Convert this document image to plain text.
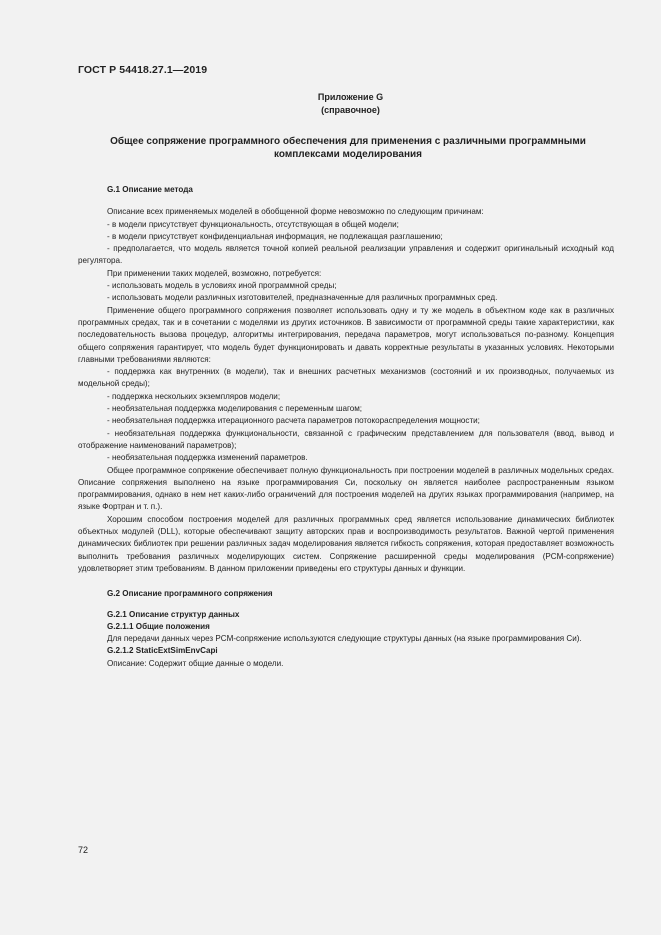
ГОСТ Р 54418.27.1—2019
Приложение G
(справочное)
Общее сопряжение программного обеспечения для применения с различными программными комплексами моделирования

G.1 Описание метода

Описание всех применяемых моделей в обобщенной форме невозможно по следующим причинам:

- в модели присутствует функциональность, отсутствующая в общей модели;

- в модели присутствует конфиденциальная информация, не подлежащая разглашению;

- предполагается, что модель является точной копией реальной реализации управления и содержит оригинальный исходный код регулятора.

При применении таких моделей, возможно, потребуется:

- использовать модель в условиях иной программной среды;

- использовать модели различных изготовителей, предназначенные для различных программных сред.

Применение общего программного сопряжения позволяет использовать одну и ту же модель в объектном коде как в различных программных средах, так и в сочетании с моделями из других источников. В зависимости от программной среды такие характеристики, как последовательность вызова процедур, алгоритмы интегрирования, передача параметров, могут использоваться по-разному. Концепция общего сопряжения гарантирует, что модель будет функционировать и давать корректные результаты в указанных условиях. Некоторыми главными требованиями являются:

- поддержка как внутренних (в модели), так и внешних расчетных механизмов (состояний и их производных, получаемых из модельной среды);

- поддержка нескольких экземпляров модели;

- необязательная поддержка моделирования с переменным шагом;

- необязательная поддержка итерационного расчета параметров потокораспределения мощности;

- необязательная поддержка функциональности, связанной с графическим представлением для пользователя (ввод, вывод и отображение наименований параметров);

- необязательная поддержка изменений параметров.

Общее программное сопряжение обеспечивает полную функциональность при построении моделей в различных модельных средах. Описание сопряжения выполнено на языке программирования Си, поскольку он является наиболее распространенным языком программирования, однако в нем нет каких-либо ограничений для построения моделей на других языках программирования (например, на языке Фортран и т. п.).

Хорошим способом построения моделей для различных программных сред является использование динамических библиотек объектных модулей (DLL), которые обеспечивают защиту авторских прав и воспроизводимость результатов. Важной чертой применения динамических библиотек при решении различных задач моделирования является гибкость сопряжения, которая предоставляет возможность выполнить требования различных моделирующих систем. Сопряжение расширенной среды моделирования (PCM-сопряжение) удовлетворяет этим требованиям. В данном приложении приведены его структуры данных и функции.

G.2 Описание программного сопряжения

G.2.1 Описание структур данных

G.2.1.1 Общие положения

Для передачи данных через PCM-сопряжение используются следующие структуры данных (на языке программирования Си).

G.2.1.2 StaticExtSimEnvCapi

Описание: Содержит общие данные о модели.

72
